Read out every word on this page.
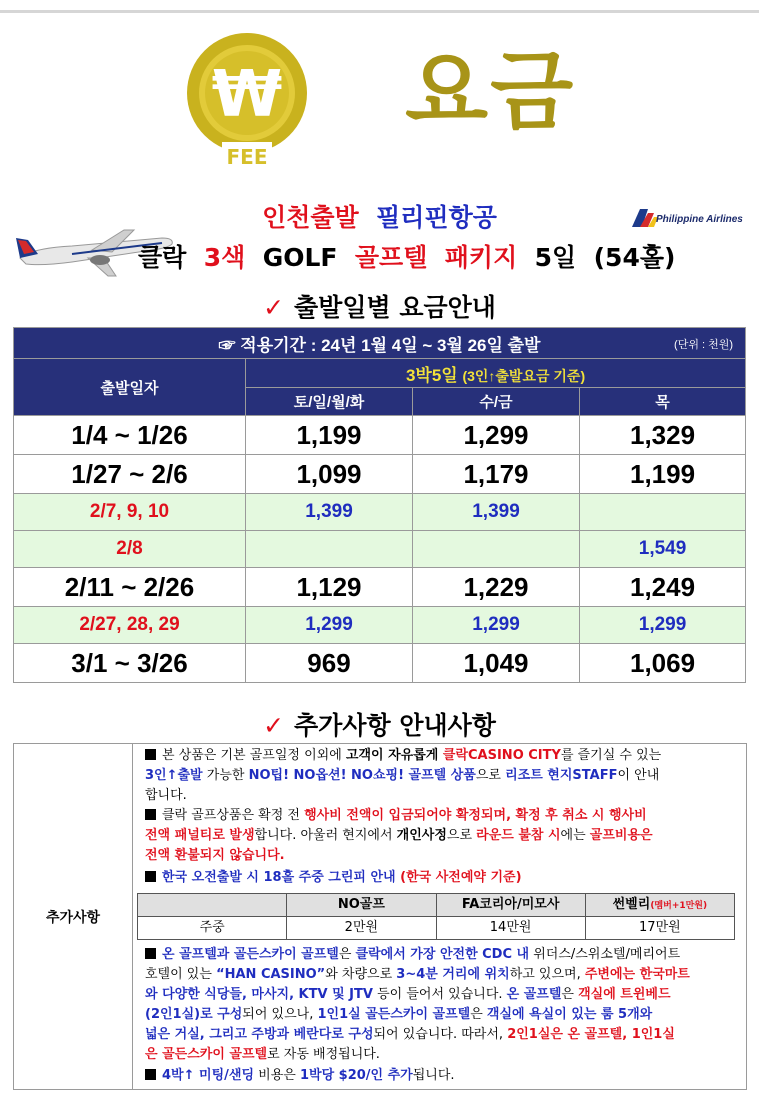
₩
FEE
요금
Philippine Airlines
인천출발 필리핀항공
클락 3색 GOLF 골프텔 패키지 5일 (54홀)
✓ 출발일별 요금안내
☞ 적용기간 : 24년 1월 4일 ~ 3월 26일 출발 (단위 : 천원)			

출발일자	3박5일 (3인↑출발요금 기준)		
	토/일/월/화	수/금	목
1/4 ~ 1/26	1,199	1,299	1,329
1/27 ~ 2/6	1,099	1,179	1,199
2/7, 9, 10	1,399	1,399	
2/8			1,549
2/11 ~ 2/26	1,129	1,229	1,249
2/27, 28, 29	1,299	1,299	1,299
3/1 ~ 3/26	969	1,049	1,069
✓ 추가사항 안내사항
추가사항
본 상품은 기본 골프일정 이외에 고객이 자유롭게 클락CASINO CITY를 즐기실 수 있는
3인↑출발 가능한 NO팁! NO옵션! NO쇼핑! 골프텔 상품으로 리조트 현지STAFF이 안내
합니다.
클락 골프상품은 확정 전 행사비 전액이 입금되어야 확정되며, 확정 후 취소 시 행사비
전액 패널티로 발생합니다. 아울러 현지에서 개인사정으로 라운드 불참 시에는 골프비용은
전액 환불되지 않습니다.
한국 오전출발 시 18홀 주중 그린피 안내 (한국 사전예약 기준)
	NO골프	FA코리아/미모사	썬벨리(멤버+1만원)
주중	2만원	14만원	17만원
온 골프텔과 골든스카이 골프텔은 클락에서 가장 안전한 CDC 내 위더스/스위소텔/메리어트
호텔이 있는 “HAN CASINO”와 차량으로 3~4분 거리에 위치하고 있으며, 주변에는 한국마트
와 다양한 식당들, 마사지, KTV 및 JTV 등이 들어서 있습니다. 온 골프텔은 객실에 트윈베드
(2인1실)로 구성되어 있으나, 1인1실 골든스카이 골프텔은 객실에 욕실이 있는 룸 5개와
넓은 거실, 그리고 주방과 베란다로 구성되어 있습니다. 따라서, 2인1실은 온 골프텔, 1인1실
은 골든스카이 골프텔로 자동 배정됩니다.
4박↑ 미팅/샌딩 비용은 1박당 $20/인 추가됩니다.
